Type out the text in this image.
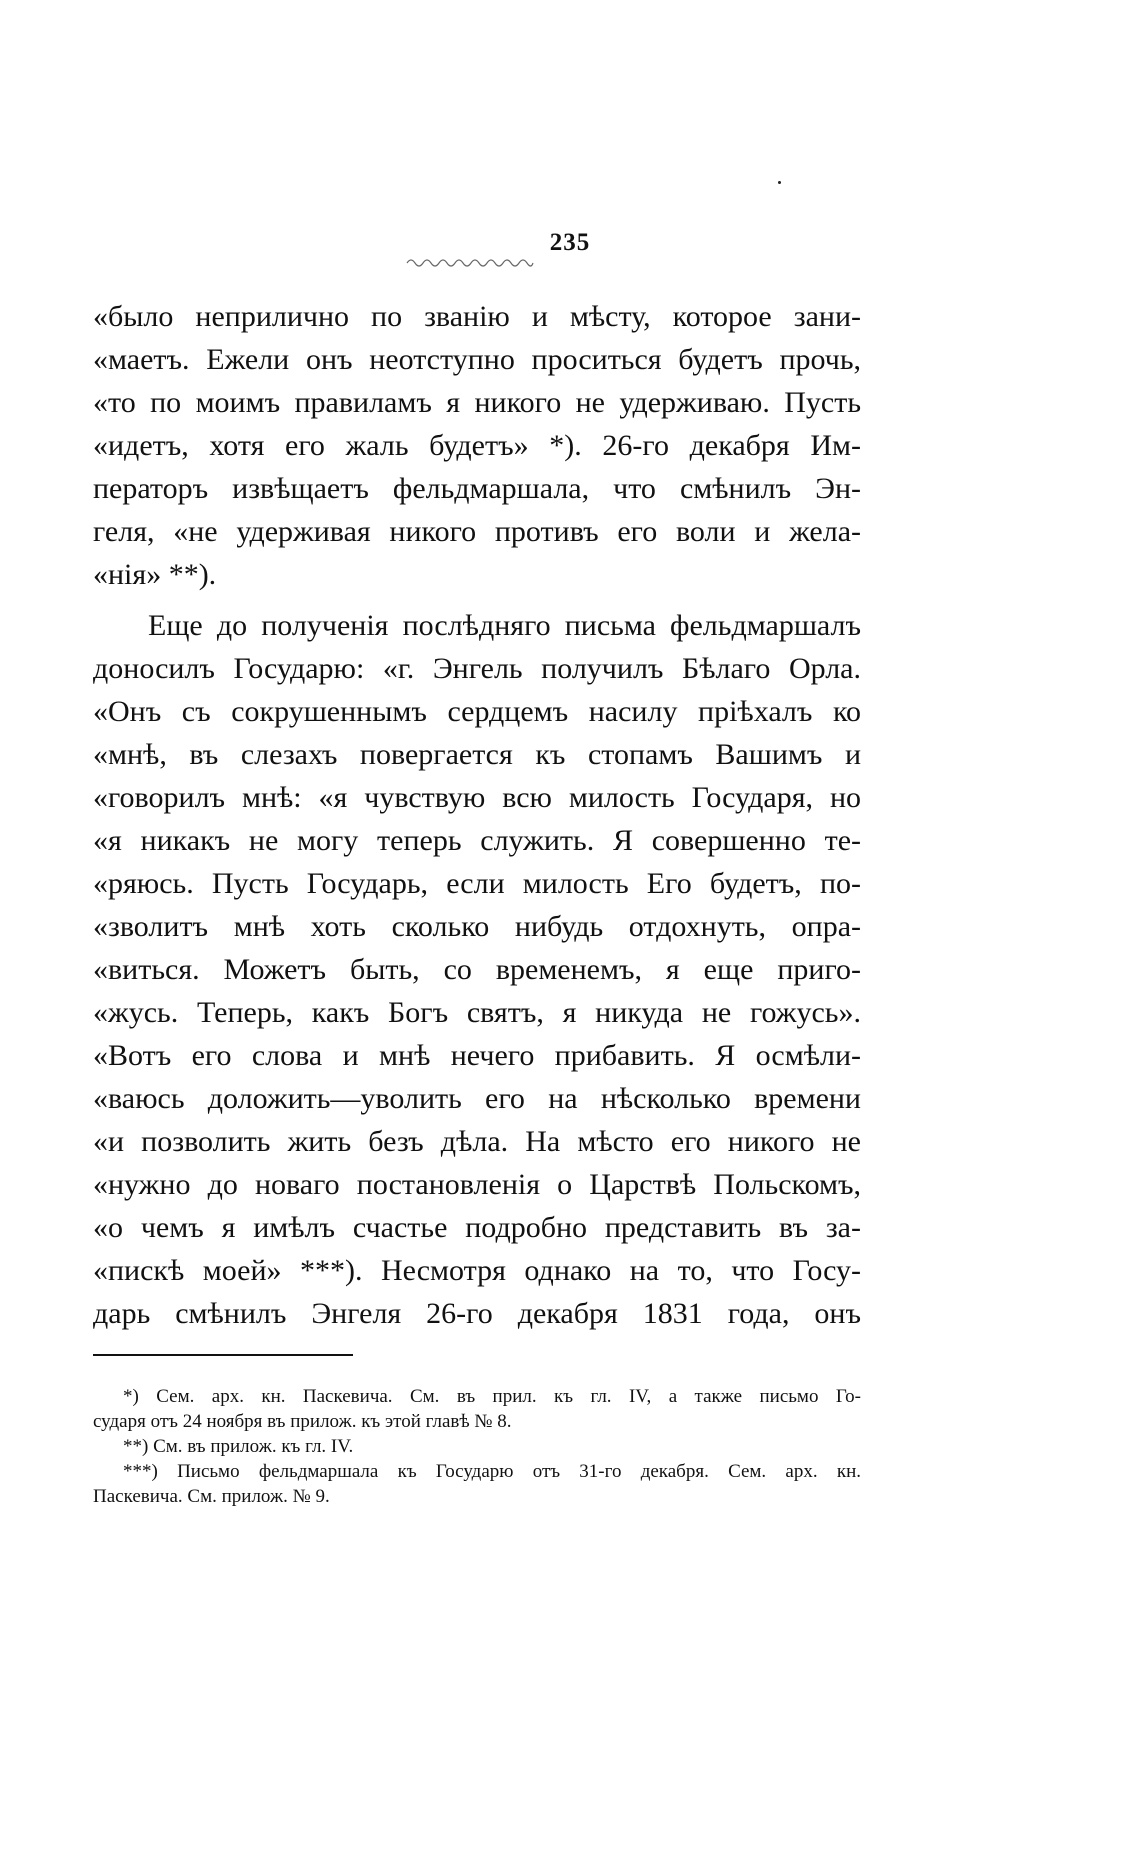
235
«было неприлично по званію и мѣсту, которое зани-
«маетъ. Ежели онъ неотступно проситься будетъ прочь,
«то по моимъ правиламъ я никого не удерживаю. Пусть
«идетъ, хотя его жаль будетъ» *). 26-го декабря Им-
ператоръ извѣщаетъ фельдмаршала, что смѣнилъ Эн-
геля, «не удерживая никого противъ его воли и жела-
«нія» **).
Еще до полученія послѣдняго письма фельдмаршалъ
доносилъ Государю: «г. Энгель получилъ Бѣлаго Орла.
«Онъ съ сокрушеннымъ сердцемъ насилу пріѣхалъ ко
«мнѣ, въ слезахъ повергается къ стопамъ Вашимъ и
«говорилъ мнѣ: «я чувствую всю милость Государя, но
«я никакъ не могу теперь служить. Я совершенно те-
«ряюсь. Пусть Государь, если милость Его будетъ, по-
«зволитъ мнѣ хоть сколько нибудь отдохнуть, опра-
«виться. Можетъ быть, со временемъ, я еще приго-
«жусь. Теперь, какъ Богъ святъ, я никуда не гожусь».
«Вотъ его слова и мнѣ нечего прибавить. Я осмѣли-
«ваюсь доложить—уволить его на нѣсколько времени
«и позволить жить безъ дѣла. На мѣсто его никого не
«нужно до новаго постановленія о Царствѣ Польскомъ,
«о чемъ я имѣлъ счастье подробно представить въ за-
«пискѣ моей» ***). Несмотря однако на то, что Госу-
дарь смѣнилъ Энгеля 26-го декабря 1831 года, онъ
*) Сем. арх. кн. Паскевича. См. въ прил. къ гл. IV, а также письмо Го-
сударя отъ 24 ноября въ прилож. къ этой главѣ № 8.
**) См. въ прилож. къ гл. IV.
***) Письмо фельдмаршала къ Государю отъ 31-го декабря. Сем. арх. кн.
Паскевича. См. прилож. № 9.
